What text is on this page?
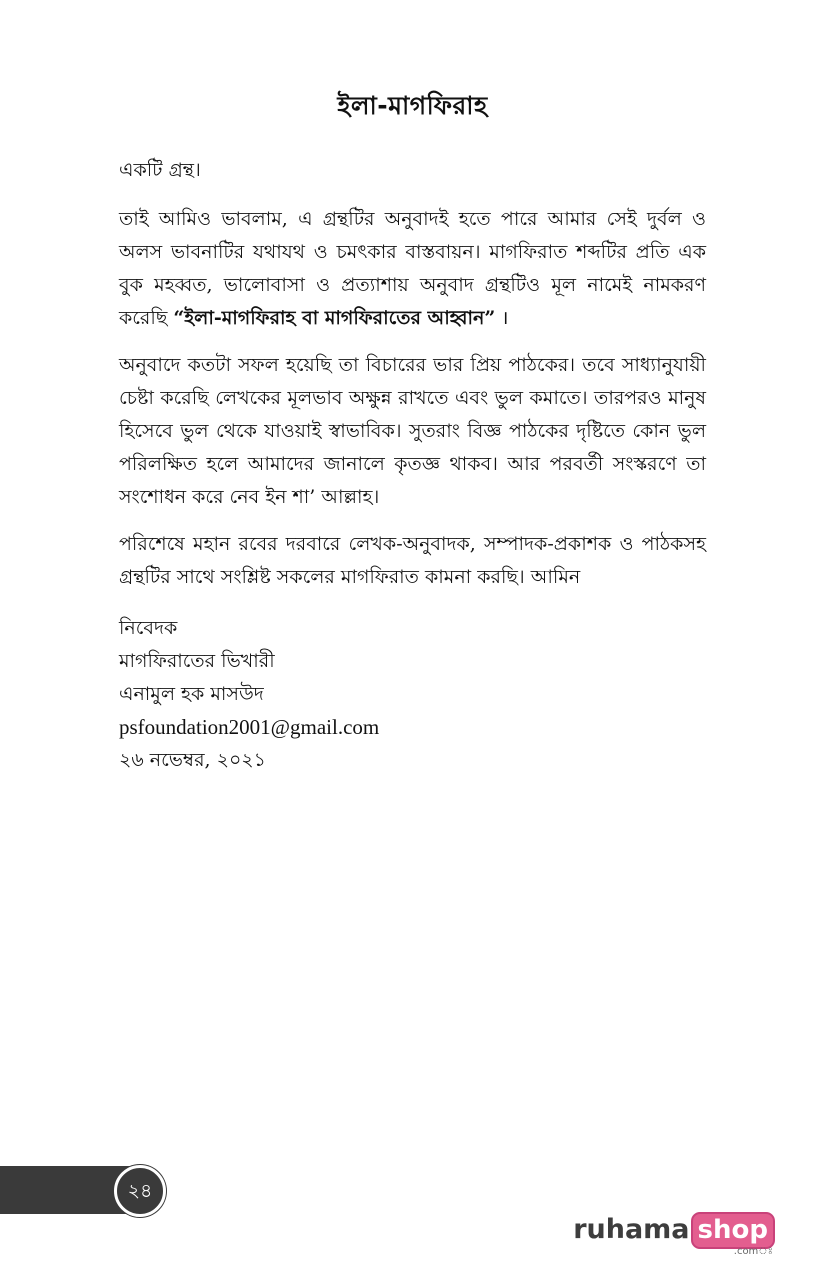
ইলা-মাগফিরাহ

একটি গ্রন্থ।

তাই আমিও ভাবলাম, এ গ্রন্থটির অনুবাদই হতে পারে আমার সেই দুর্বল ও অলস ভাবনাটির যথাযথ ও চমৎকার বাস্তবায়ন। মাগফিরাত শব্দটির প্রতি এক বুক মহব্বত, ভালোবাসা ও প্রত্যাশায় অনুবাদ গ্রন্থটিও মূল নামেই নামকরণ করেছি “ইলা-মাগফিরাহ বা মাগফিরাতের আহ্বান” ।

অনুবাদে কতটা সফল হয়েছি তা বিচারের ভার প্রিয় পাঠকের। তবে সাধ্যানুযায়ী চেষ্টা করেছি লেখকের মূলভাব অক্ষুন্ন রাখতে এবং ভুল কমাতে। তারপরও মানুষ হিসেবে ভুল থেকে যাওয়াই স্বাভাবিক। সুতরাং বিজ্ঞ পাঠকের দৃষ্টিতে কোন ভুল পরিলক্ষিত হলে আমাদের জানালে কৃতজ্ঞ থাকব। আর পরবর্তী সংস্করণে তা সংশোধন করে নেব ইন শা’ আল্লাহ।

পরিশেষে মহান রবের দরবারে লেখক-অনুবাদক, সম্পাদক-প্রকাশক ও পাঠকসহ গ্রন্থটির সাথে সংশ্লিষ্ট সকলের মাগফিরাত কামনা করছি। আমিন

নিবেদক
মাগফিরাতের ভিখারী
এনামুল হক মাসউদ
psfoundation2001@gmail.com
২৬ নভেম্বর, ২০২১
২৪
ruhama shop
.comঃ
